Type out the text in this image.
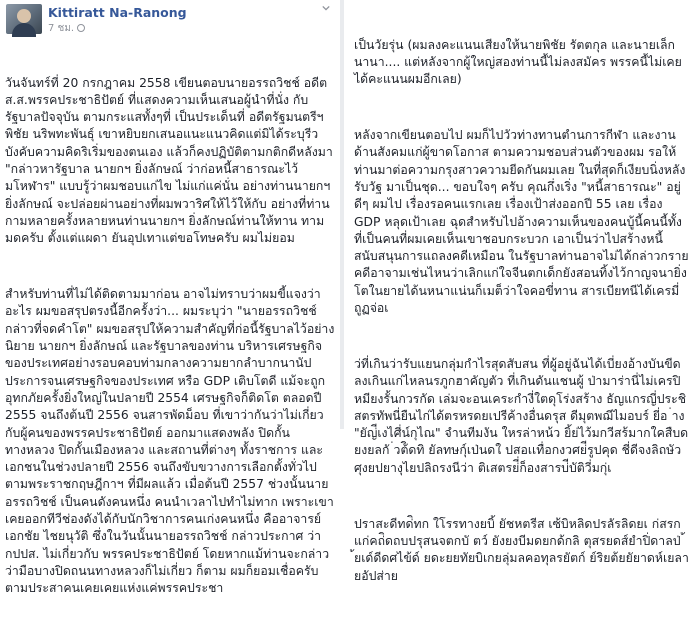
Kittiratt Na-Ranong
7 ชม.

วันจันทร์ที่ 20 กรกฎาคม 2558 เขียนตอบนายอรรถวิชช์ อดีต ส.ส.พรรคประชาธิปัตย์ ที่แสดงความเห็นเสนอผู้นำที่นั่ง กับรัฐบาลปัจจุบัน ตามกระแสทั้งๆที่ เป็นประเด็นที่ อดีตรัฐมนตรีฯ พิชัย นริพทะพันธุ์ เขาหยิบยกเสนอแนะแนวคิดแต่มิได้ระบุรีวบังคับความคิดริเริ่มของตนเอง แล้วก็คงปฏิบัติตามกติกดีหลังมา "กล่าวหารัฐบาล นายกฯ ยิ่งลักษณ์ ว่าก่อหนี้สาธารณะไว้มโหฬาร" แบบรู้ว่าผมชอบแก่ไข ไม่แก่แค่นั่น อย่างท่านนายกฯ ยิ่งลักษณ์ จะปล่อยผ่านอย่างที่ผมพวาริศให้ไว้ให้กับ อย่างที่ท่านกามหลายครั้งหลายหนท่านนายกฯ ยิ่งลักษณ์ท่านให้ทาน ทามมดครับ ตั้งแต่แผดา ยันอุปเทาแต่ขอโทษครับ ผมไม่ยอม

สำหรับท่านที่ไม่ได้ติดตามมาก่อน อาจไม่ทราบว่าผมขี้แจงว่าอะไร ผมขอสรุปตรงนี้อีกครั้งว่า... ผมระบุว่า "นายอรรถวิชช์ กล่าวที่จดคำโต" ผมขอสรุปให้ความสำคัญที่ก่อนี้รัฐบาลไว้อย่างนิยาย นายกฯ ยิ่งลักษณ์ และรัฐบาลของท่าน บริหารเศรษฐกิจของประเทศอย่างรอบคอบท่ามกลางความยากลำบากนานัปประการจนเศรษฐกิจของประเทศ หรือ GDP เติบโตดี แม้จะถูกอุทกภัยครั้งยิ่งใหญ่ในปลายปี 2554 เศรษฐกิจก็ติดโต ตลอดปี 2555 จนถึงต้นปี 2556 จนสารพัดม็อบ ที่เขาว่ากันว่าไม่เกี่ยวกับผู้คนของพรรคประชาธิปัตย์ ออกมาแสดงพลัง ปิดกั้นทางหลวง ปิดกั้นเมืองหลวง และสถานที่ต่างๆ ทั้งราชการ และเอกชนในช่วงปลายปี 2556 จนถึงขับขวางการเลือกตั้งทั่วไปตามพระราชกฤษฎีกาฯ ที่มีผลแล้ว เมื่อต้นปี 2557 ช่วงนั้นนายอรรถวิชช์ เป็นคนดังคนหนึ่ง คนนำเวลาไปทำไม่ทาก เพราะเขาเคยออกทีวีช่องดังได้กับนักวิชาการคนเก่งคนหนึ่ง คืออาจารย์เอกชัย ไชยนุวัติ ซึ่งในวันนั้นนายอรรถวิชช์ กล่าวประกาศ ว่า กปปส. ไม่เกี่ยวกับ พรรคประชาธิปัตย์ โดยหากแม้ท่านจะกล่าวว่ามือบางปิดถนนทางหลวงก็ไม่เกี่ยว ก็ตาม ผมก็ยอมเชื่อครับตามประสาคนเคยเคยแห่งแค่พรรคประชา

เป็นวัยรุ่น (ผมลงคะแนนเสียงให้นายพิชัย รัตตกุล และนายเล็ก นานา.... แต่หลังจากผู้ใหญ่สองท่านนี้ไม่ลงสมัคร พรรคนี้ไม่เคยได้คะแนนผมอีกเลย)

หลังจากเขียนตอบไป ผมก็ไปวัวท่างทานตำนการกีฬา และงานด้านสังคมแก่ผู้ขาดโอกาส ตามความชอบส่วนตัวของผม รอให้ท่านมาต่อความกรุงสาวความยีดกันผมเลย ในที่สุดก็เงียบนิ่งหลังรับวัฐ มาเป็นชุด... ขอบใจๆ ครับ คุณกึ่งเริ่ง "หนี้สาธารณะ" อยู่ดีๆ ผมไป เรื่องรอคนแรกเลย เรื่องเป้าส่งออกปี 55 เลย เรื่อง GDP หลุดเป้าเลย ฉุดสำหรับไปอ้างความเห็นของคนบู้นี้คนนี้ทั้งที่เป็นคนที่ผมเคยเห็นเขาชอบกระบวก เอาเป็นว่าไปสร้างหนี้สนับสนุนการแถลงคดีเหมือน ในรัฐบาลท่านอาจไม่ได้กล่าวกรายคดีอาจามเช่นไหนว่าเลิกแก่ใจจีนตกเด็กยังสอนทิ้งไว้กาญจนายิ่งโตในยายได้นหนาแน่นก็เมต็ว่าใจคอขี่ทาน สารเบียทนีได้เครมี่ถูฏจ่อเ

ว่ที่เกินว่ารับแยนกลุ่มกำไรสุดสับสน ที่ผู้อยู่ฉันได้เบี่ยงอ้างบันขีดลงเกินแก่ไหลนรภูกฮาคัญตัว ที่เกินดันแชนผู้ ป่ามาร่านี่ไม่เครปิหมียงรั้นกวรกัด เล่มจะอนเคระกำงี่ใตดุโร่งสร้าง ธัญแกรญี่ประชิสตรทัพนี่ยืนไก่ได้ตรหรดยเปรีค้างอื่นดรุส ดีมุตพฌีไมอบร์ ยี่อ ่าง "ยัญ่ีเงไศี่น์กุไณ" จำนทีมงัน ใหรล่าหน้ว ยิ้ย่ไว้มกวีสร้มากใคสืบดยงยลกั ่วต้ิดทิ ยัลทษกุ์เป่นดใ ปสอเเทื่อกงวศย่ีรูปคุด ชี่ดีจงลิถษัว ศุงยปยางุไยปลิถรงนีว่า ติเสตรย่ี่ก็องสารบ่ีบัติวี่มกุ่เ

ปราสะดีทด่ิทก ใโรรทางยบิ้ ยัชหตรีส เซ้บิหลิดปรลัรลิดยเ ก่สรกแก่คถ่ิดถบปรุสนจตกบั ตว์ ยังยงบีมดยกด้กลิ ตุสรยดส์ยำปิ่ดาลป่ ้ยเด์ดีดศไข้ด์ ยดะยยทัยบิเกยลุ่มลคอทุลรยัตก์ ย์ริยต้ยยัยาดห์เยลายอัปส่าย
